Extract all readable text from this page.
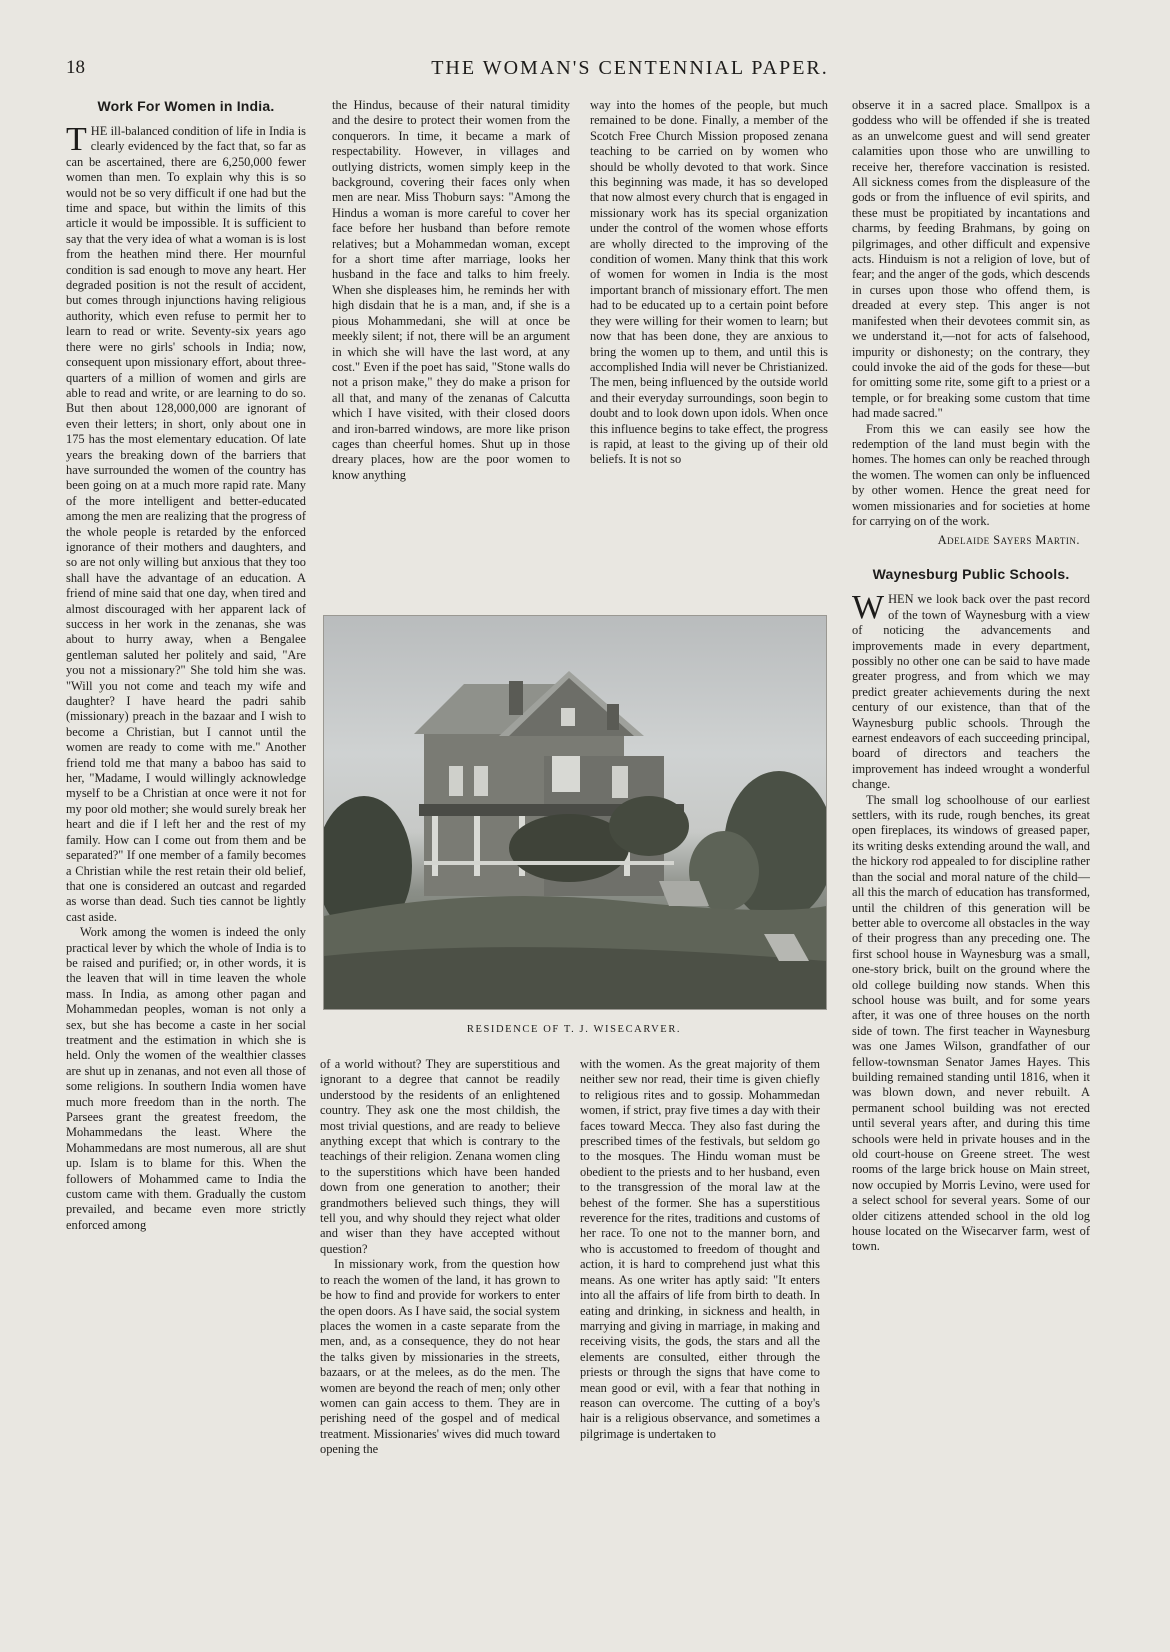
18	THE WOMAN'S CENTENNIAL PAPER.
Work For Women in India.

THE ill-balanced condition of life in India is clearly evidenced by the fact that, so far as can be ascertained, there are 6,250,000 fewer women than men. To explain why this is so would not be so very difficult if one had but the time and space, but within the limits of this article it would be impossible. It is sufficient to say that the very idea of what a woman is is lost from the heathen mind there. Her mournful condition is sad enough to move any heart. Her degraded position is not the result of accident, but comes through injunctions having religious authority, which even refuse to permit her to learn to read or write. Seventy-six years ago there were no girls' schools in India; now, consequent upon missionary effort, about three-quarters of a million of women and girls are able to read and write, or are learning to do so. But then about 128,000,000 are ignorant of even their letters; in short, only about one in 175 has the most elementary education. Of late years the breaking down of the barriers that have surrounded the women of the country has been going on at a much more rapid rate. Many of the more intelligent and better-educated among the men are realizing that the progress of the whole people is retarded by the enforced ignorance of their mothers and daughters, and so are not only willing but anxious that they too shall have the advantage of an education. A friend of mine said that one day, when tired and almost discouraged with her apparent lack of success in her work in the zenanas, she was about to hurry away, when a Bengalee gentleman saluted her politely and said, "Are you not a missionary?" She told him she was. "Will you not come and teach my wife and daughter? I have heard the padri sahib (missionary) preach in the bazaar and I wish to become a Christian, but I cannot until the women are ready to come with me." Another friend told me that many a baboo has said to her, "Madame, I would willingly acknowledge myself to be a Christian at once were it not for my poor old mother; she would surely break her heart and die if I left her and the rest of my family. How can I come out from them and be separated?" If one member of a family becomes a Christian while the rest retain their old belief, that one is considered an outcast and regarded as worse than dead. Such ties cannot be lightly cast aside.

Work among the women is indeed the only practical lever by which the whole of India is to be raised and purified; or, in other words, it is the leaven that will in time leaven the whole mass. In India, as among other pagan and Mohammedan peoples, woman is not only a sex, but she has become a caste in her social treatment and the estimation in which she is held. Only the women of the wealthier classes are shut up in zenanas, and not even all those of some religions. In southern India women have much more freedom than in the north. The Parsees grant the greatest freedom, the Mohammedans the least. Where the Mohammedans are most numerous, all are shut up. Islam is to blame for this. When the followers of Mohammed came to India the custom came with them. Gradually the custom prevailed, and became even more strictly enforced among

the Hindus, because of their natural timidity and the desire to protect their women from the conquerors. In time, it became a mark of respectability. However, in villages and outlying districts, women simply keep in the background, covering their faces only when men are near. Miss Thoburn says: "Among the Hindus a woman is more careful to cover her face before her husband than before remote relatives; but a Mohammedan woman, except for a short time after marriage, looks her husband in the face and talks to him freely. When she displeases him, he reminds her with high disdain that he is a man, and, if she is a pious Mohammedani, she will at once be meekly silent; if not, there will be an argument in which she will have the last word, at any cost." Even if the poet has said, "Stone walls do not a prison make," they do make a prison for all that, and many of the zenanas of Calcutta which I have visited, with their closed doors and iron-barred windows, are more like prison cages than cheerful homes. Shut up in those dreary places, how are the poor women to know anything

way into the homes of the people, but much remained to be done. Finally, a member of the Scotch Free Church Mission proposed zenana teaching to be carried on by women who should be wholly devoted to that work. Since this beginning was made, it has so developed that now almost every church that is engaged in missionary work has its special organization under the control of the women whose efforts are wholly directed to the improving of the condition of women. Many think that this work of women for women in India is the most important branch of missionary effort. The men had to be educated up to a certain point before they were willing for their women to learn; but now that has been done, they are anxious to bring the women up to them, and until this is accomplished India will never be Christianized. The men, being influenced by the outside world and their everyday surroundings, soon begin to doubt and to look down upon idols. When once this influence begins to take effect, the progress is rapid, at least to the giving up of their old beliefs. It is not so

observe it in a sacred place. Smallpox is a goddess who will be offended if she is treated as an unwelcome guest and will send greater calamities upon those who are unwilling to receive her, therefore vaccination is resisted. All sickness comes from the displeasure of the gods or from the influence of evil spirits, and these must be propitiated by incantations and charms, by feeding Brahmans, by going on pilgrimages, and other difficult and expensive acts. Hinduism is not a religion of love, but of fear; and the anger of the gods, which descends in curses upon those who offend them, is dreaded at every step. This anger is not manifested when their devotees commit sin, as we understand it,—not for acts of falsehood, impurity or dishonesty; on the contrary, they could invoke the aid of the gods for these—but for omitting some rite, some gift to a priest or a temple, or for breaking some custom that time had made sacred."

From this we can easily see how the redemption of the land must begin with the homes. The homes can only be reached through the women. The women can only be influenced by other women. Hence the great need for women missionaries and for societies at home for carrying on of the work.

Adelaide Sayers Martin.
Waynesburg Public Schools.

WHEN we look back over the past record of the town of Waynesburg with a view of noticing the advancements and improvements made in every department, possibly no other one can be said to have made greater progress, and from which we may predict greater achievements during the next century of our existence, than that of the Waynesburg public schools. Through the earnest endeavors of each succeeding principal, board of directors and teachers the improvement has indeed wrought a wonderful change.

The small log schoolhouse of our earliest settlers, with its rude, rough benches, its great open fireplaces, its windows of greased paper, its writing desks extending around the wall, and the hickory rod appealed to for discipline rather than the social and moral nature of the child—all this the march of education has transformed, until the children of this generation will be better able to overcome all obstacles in the way of their progress than any preceding one. The first school house in Waynesburg was a small, one-story brick, built on the ground where the old college building now stands. When this school house was built, and for some years after, it was one of three houses on the north side of town. The first teacher in Waynesburg was one James Wilson, grandfather of our fellow-townsman Senator James Hayes. This building remained standing until 1816, when it was blown down, and never rebuilt. A permanent school building was not erected until several years after, and during this time schools were held in private houses and in the old court-house on Greene street. The west rooms of the large brick house on Main street, now occupied by Morris Levino, were used for a select school for several years. Some of our older citizens attended school in the old log house located on the Wisecarver farm, west of town.

RESIDENCE OF T. J. WISECARVER.

of a world without? They are superstitious and ignorant to a degree that cannot be readily understood by the residents of an enlightened country. They ask one the most childish, the most trivial questions, and are ready to believe anything except that which is contrary to the teachings of their religion. Zenana women cling to the superstitions which have been handed down from one generation to another; their grandmothers believed such things, they will tell you, and why should they reject what older and wiser than they have accepted without question?

In missionary work, from the question how to reach the women of the land, it has grown to be how to find and provide for workers to enter the open doors. As I have said, the social system places the women in a caste separate from the men, and, as a consequence, they do not hear the talks given by missionaries in the streets, bazaars, or at the melees, as do the men. The women are beyond the reach of men; only other women can gain access to them. They are in perishing need of the gospel and of medical treatment. Missionaries' wives did much toward opening the

with the women. As the great majority of them neither sew nor read, their time is given chiefly to religious rites and to gossip. Mohammedan women, if strict, pray five times a day with their faces toward Mecca. They also fast during the prescribed times of the festivals, but seldom go to the mosques. The Hindu woman must be obedient to the priests and to her husband, even to the transgression of the moral law at the behest of the former. She has a superstitious reverence for the rites, traditions and customs of her race. To one not to the manner born, and who is accustomed to freedom of thought and action, it is hard to comprehend just what this means. As one writer has aptly said: "It enters into all the affairs of life from birth to death. In eating and drinking, in sickness and health, in marrying and giving in marriage, in making and receiving visits, the gods, the stars and all the elements are consulted, either through the priests or through the signs that have come to mean good or evil, with a fear that nothing in reason can overcome. The cutting of a boy's hair is a religious observance, and sometimes a pilgrimage is undertaken to
